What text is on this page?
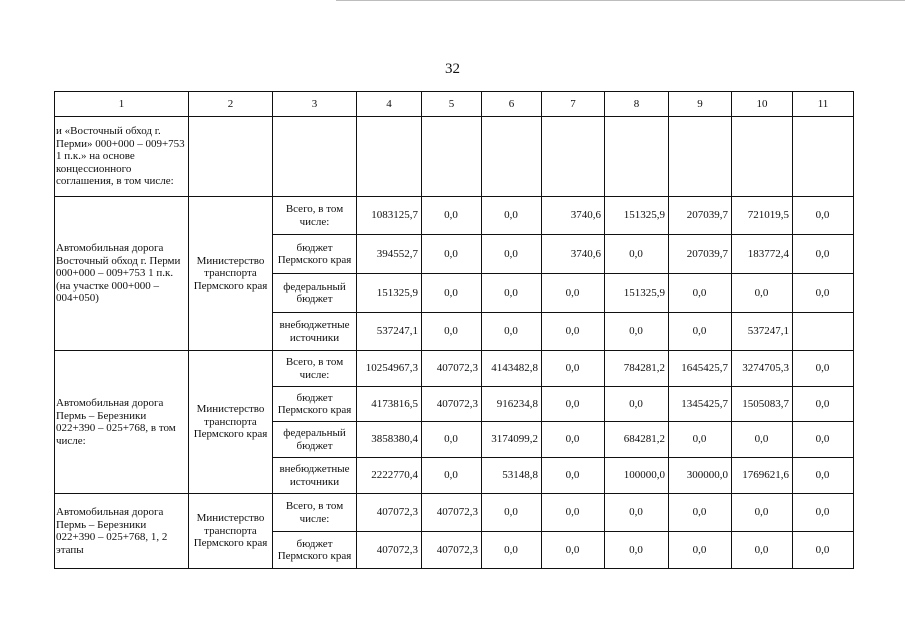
32
1	2	3	4	5	6	7	8	9	10	11
и «Восточный обход г. Перми» 000+000 – 009+753 1 п.к.» на основе концессионного соглашения, в том числе:										
Автомобильная дорога Восточный обход г. Перми 000+000 – 009+753 1 п.к. (на участке 000+000 – 004+050)	Министерство транспорта Пермского края	Всего, в том числе:	1083125,7	0,0	0,0	3740,6	151325,9	207039,7	721019,5	0,0
		бюджет Пермского края	394552,7	0,0	0,0	3740,6	0,0	207039,7	183772,4	0,0
		федеральный бюджет	151325,9	0,0	0,0	0,0	151325,9	0,0	0,0	0,0
		внебюджетные источники	537247,1	0,0	0,0	0,0	0,0	0,0	537247,1	
Автомобильная дорога Пермь – Березники 022+390 – 025+768, в том числе:	Министерство транспорта Пермского края	Всего, в том числе:	10254967,3	407072,3	4143482,8	0,0	784281,2	1645425,7	3274705,3	0,0
		бюджет Пермского края	4173816,5	407072,3	916234,8	0,0	0,0	1345425,7	1505083,7	0,0
		федеральный бюджет	3858380,4	0,0	3174099,2	0,0	684281,2	0,0	0,0	0,0
		внебюджетные источники	2222770,4	0,0	53148,8	0,0	100000,0	300000,0	1769621,6	0,0
Автомобильная дорога Пермь – Березники 022+390 – 025+768, 1, 2 этапы	Министерство транспорта Пермского края	Всего, в том числе:	407072,3	407072,3	0,0	0,0	0,0	0,0	0,0	0,0
		бюджет Пермского края	407072,3	407072,3	0,0	0,0	0,0	0,0	0,0	0,0
